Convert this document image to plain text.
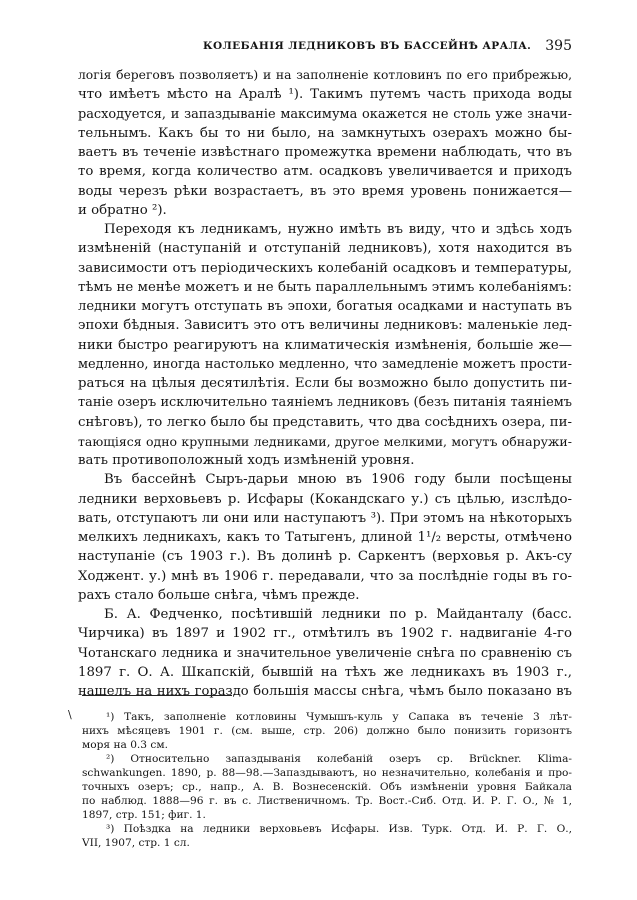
КОЛЕБАНІЯ ЛЕДНИКОВЪ ВЪ БАССЕЙНѢ АРАЛА. 395
логія береговъ позволяетъ) и на заполненіе котловинъ по его прибрежью,
что имѣетъ мѣсто на Аралѣ ¹). Такимъ путемъ часть прихода воды
расходуется, и запаздываніе максимума окажется не столь уже значи-
тельнымъ. Какъ бы то ни было, на замкнутыхъ озерахъ можно бы-
ваетъ въ теченіе извѣстнаго промежутка времени наблюдать, что въ
то время, когда количество атм. осадковъ увеличивается и приходъ
воды черезъ рѣки возрастаетъ, въ это время уровень понижается—
и обратно ²).
Переходя къ ледникамъ, нужно имѣть въ виду, что и здѣсь ходъ
измѣненій (наступаній и отступаній ледниковъ), хотя находится въ
зависимости отъ періодическихъ колебаній осадковъ и температуры,
тѣмъ не менѣе можетъ и не быть параллельнымъ этимъ колебаніямъ:
ледники могутъ отступать въ эпохи, богатыя осадками и наступать въ
эпохи бѣдныя. Зависитъ это отъ величины ледниковъ: маленькіе лед-
ники быстро реагируютъ на климатическія измѣненія, большіе же—
медленно, иногда настолько медленно, что замедленіе можетъ прости-
раться на цѣлыя десятилѣтія. Если бы возможно было допустить пи-
таніе озеръ исключительно таяніемъ ледниковъ (безъ питанія таяніемъ
снѣговъ), то легко было бы представить, что два сосѣднихъ озера, пи-
тающіяся одно крупными ледниками, другое мелкими, могутъ обнаружи-
вать противоположный ходъ измѣненій уровня.
Въ бассейнѣ Сыръ-дарьи мною въ 1906 году были посѣщены
ледники верховьевъ р. Исфары (Кокандскаго у.) съ цѣлью, изслѣдо-
вать, отступаютъ ли они или наступаютъ ³). При этомъ на нѣкоторыхъ
мелкихъ ледникахъ, какъ то Татыгенъ, длиной 1¹/₂ версты, отмѣчено
наступаніе (съ 1903 г.). Въ долинѣ р. Саркентъ (верховья р. Акъ-су
Ходжент. у.) мнѣ въ 1906 г. передавали, что за послѣдніе годы въ го-
рахъ стало больше снѣга, чѣмъ прежде.
Б. А. Федченко, посѣтившій ледники по р. Майданталу (басс.
Чирчика) въ 1897 и 1902 гг., отмѣтилъ въ 1902 г. надвиганіе 4-го
Чотанскаго ледника и значительное увеличеніе снѣга по сравненію съ
1897 г. О. А. Шкапскій, бывшій на тѣхъ же ледникахъ въ 1903 г.,
нашелъ на нихъ гораздо большія массы снѣга, чѣмъ было показано въ
\	¹) Такъ, заполненіе котловины Чумышъ-куль у Сапака въ теченіе 3 лѣт-
нихъ мѣсяцевъ 1901 г. (см. выше, стр. 206) должно было понизить горизонтъ
моря на 0.3 см.
²) Относительно запаздыванія колебаній озеръ ср. Brückner. Klima-
schwankungen. 1890, p. 88—98.—Запаздываютъ, но незначительно, колебанія и про-
точныхъ озеръ; ср., напр., А. В. Вознесенскій. Объ измѣненіи уровня Байкала
по наблюд. 1888—96 г. въ с. Лиственичномъ. Тр. Вост.-Сиб. Отд. И. Р. Г. О., № 1,
1897, стр. 151; фиг. 1.
³) Поѣздка на ледники верховьевъ Исфары. Изв. Турк. Отд. И. Р. Г. О.,
VII, 1907, стр. 1 сл.
